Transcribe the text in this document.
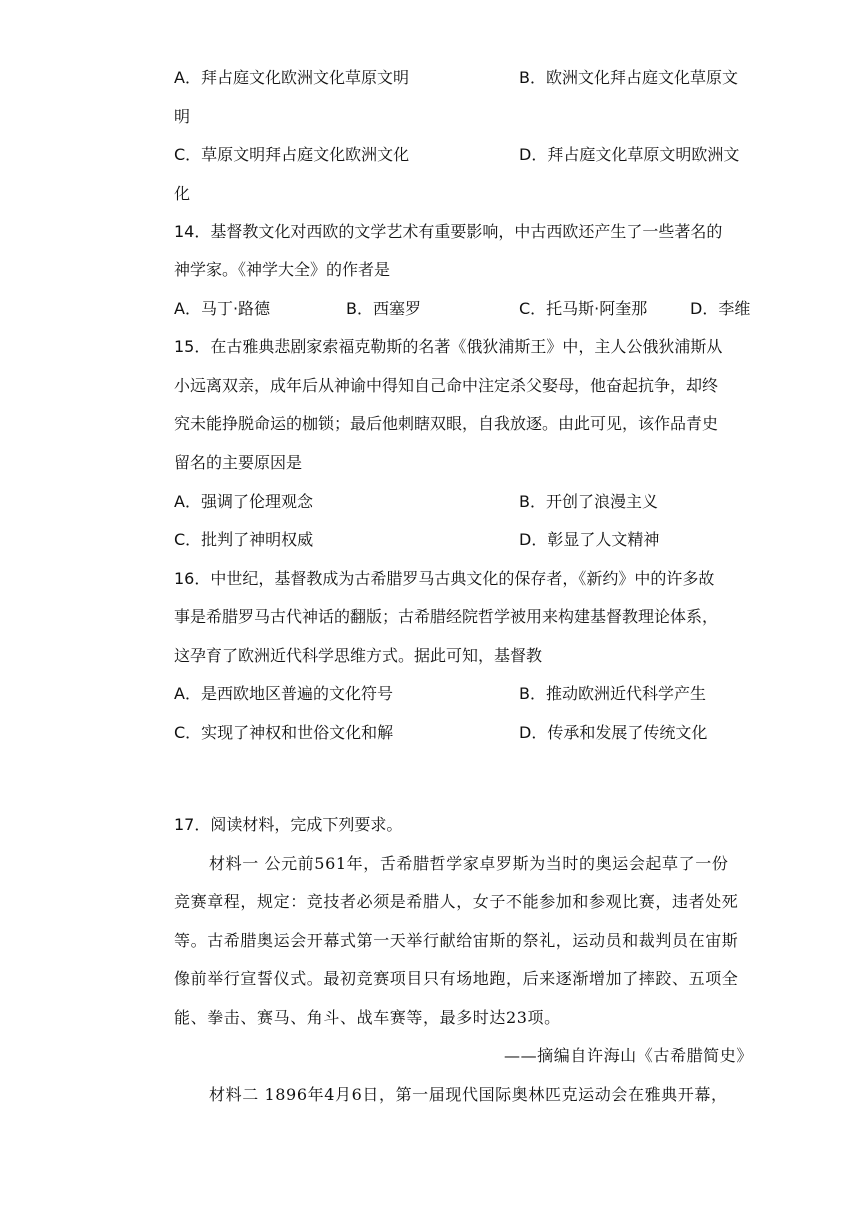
A．拜占庭文化欧洲文化草原文明	B．欧洲文化拜占庭文化草原文
明
C．草原文明拜占庭文化欧洲文化	D．拜占庭文化草原文明欧洲文
化
14．基督教文化对西欧的文学艺术有重要影响，中古西欧还产生了一些著名的
神学家。《神学大全》的作者是
A．马丁·路德	B．西塞罗	C．托马斯·阿奎那	D．李维
15．在古雅典悲剧家索福克勒斯的名著《俄狄浦斯王》中，主人公俄狄浦斯从
小远离双亲，成年后从神谕中得知自己命中注定杀父娶母，他奋起抗争，却终
究未能挣脱命运的枷锁；最后他刺瞎双眼，自我放逐。由此可见，该作品青史
留名的主要原因是
A．强调了伦理观念	B．开创了浪漫主义
C．批判了神明权威	D．彰显了人文精神
16．中世纪，基督教成为古希腊罗马古典文化的保存者，《新约》中的许多故
事是希腊罗马古代神话的翻版；古希腊经院哲学被用来构建基督教理论体系，
这孕育了欧洲近代科学思维方式。据此可知，基督教
A．是西欧地区普遍的文化符号	B．推动欧洲近代科学产生
C．实现了神权和世俗文化和解	D．传承和发展了传统文化
17．阅读材料，完成下列要求。
材料一 公元前561年，舌希腊哲学家卓罗斯为当时的奥运会起草了一份
竞赛章程，规定：竞技者必须是希腊人，女子不能参加和参观比赛，违者处死
等。古希腊奥运会开幕式第一天举行献给宙斯的祭礼，运动员和裁判员在宙斯
像前举行宣誓仪式。最初竞赛项目只有场地跑，后来逐渐增加了摔跤、五项全
能、拳击、赛马、角斗、战车赛等，最多时达23项。
——摘编自许海山《古希腊简史》
材料二 1896年4月6日，第一届现代国际奥林匹克运动会在雅典开幕，
